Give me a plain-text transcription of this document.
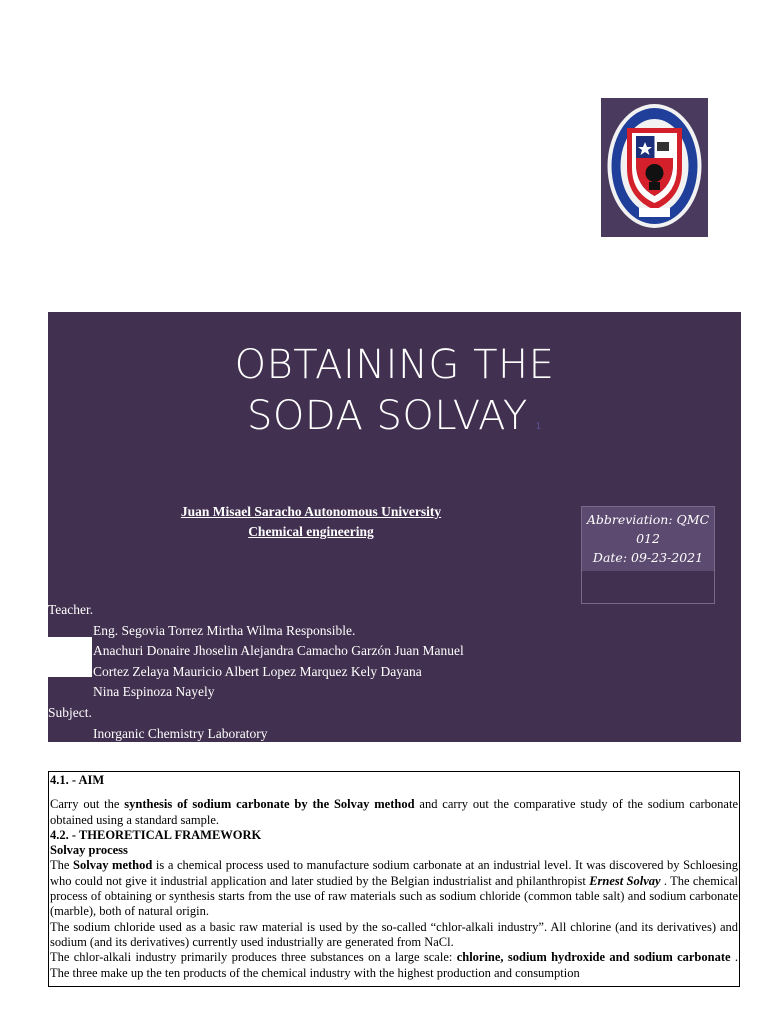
OBTAINING THE
SODA SOLVAY 1
Juan Misael Saracho Autonomous University
Chemical engineering
Abbreviation: QMC 012
Date: 09-23-2021
Teacher.
Eng. Segovia Torrez Mirtha Wilma Responsible.
Anachuri Donaire Jhoselin Alejandra Camacho Garzón Juan Manuel
Cortez Zelaya Mauricio Albert Lopez Marquez Kely Dayana
Nina Espinoza Nayely
Subject.
Inorganic Chemistry Laboratory

4.1. - AIM

Carry out the synthesis of sodium carbonate by the Solvay method and carry out the comparative study of the sodium carbonate obtained using a standard sample.

4.2. - THEORETICAL FRAMEWORK

Solvay process

The Solvay method is a chemical process used to manufacture sodium carbonate at an industrial level. It was discovered by Schloesing who could not give it industrial application and later studied by the Belgian industrialist and philanthropist Ernest Solvay . The chemical process of obtaining or synthesis starts from the use of raw materials such as sodium chloride (common table salt) and sodium carbonate (marble), both of natural origin.

The sodium chloride used as a basic raw material is used by the so-called “chlor-alkali industry”. All chlorine (and its derivatives) and sodium (and its derivatives) currently used industrially are generated from NaCl.

The chlor-alkali industry primarily produces three substances on a large scale: chlorine, sodium hydroxide and sodium carbonate . The three make up the ten products of the chemical industry with the highest production and consumption
